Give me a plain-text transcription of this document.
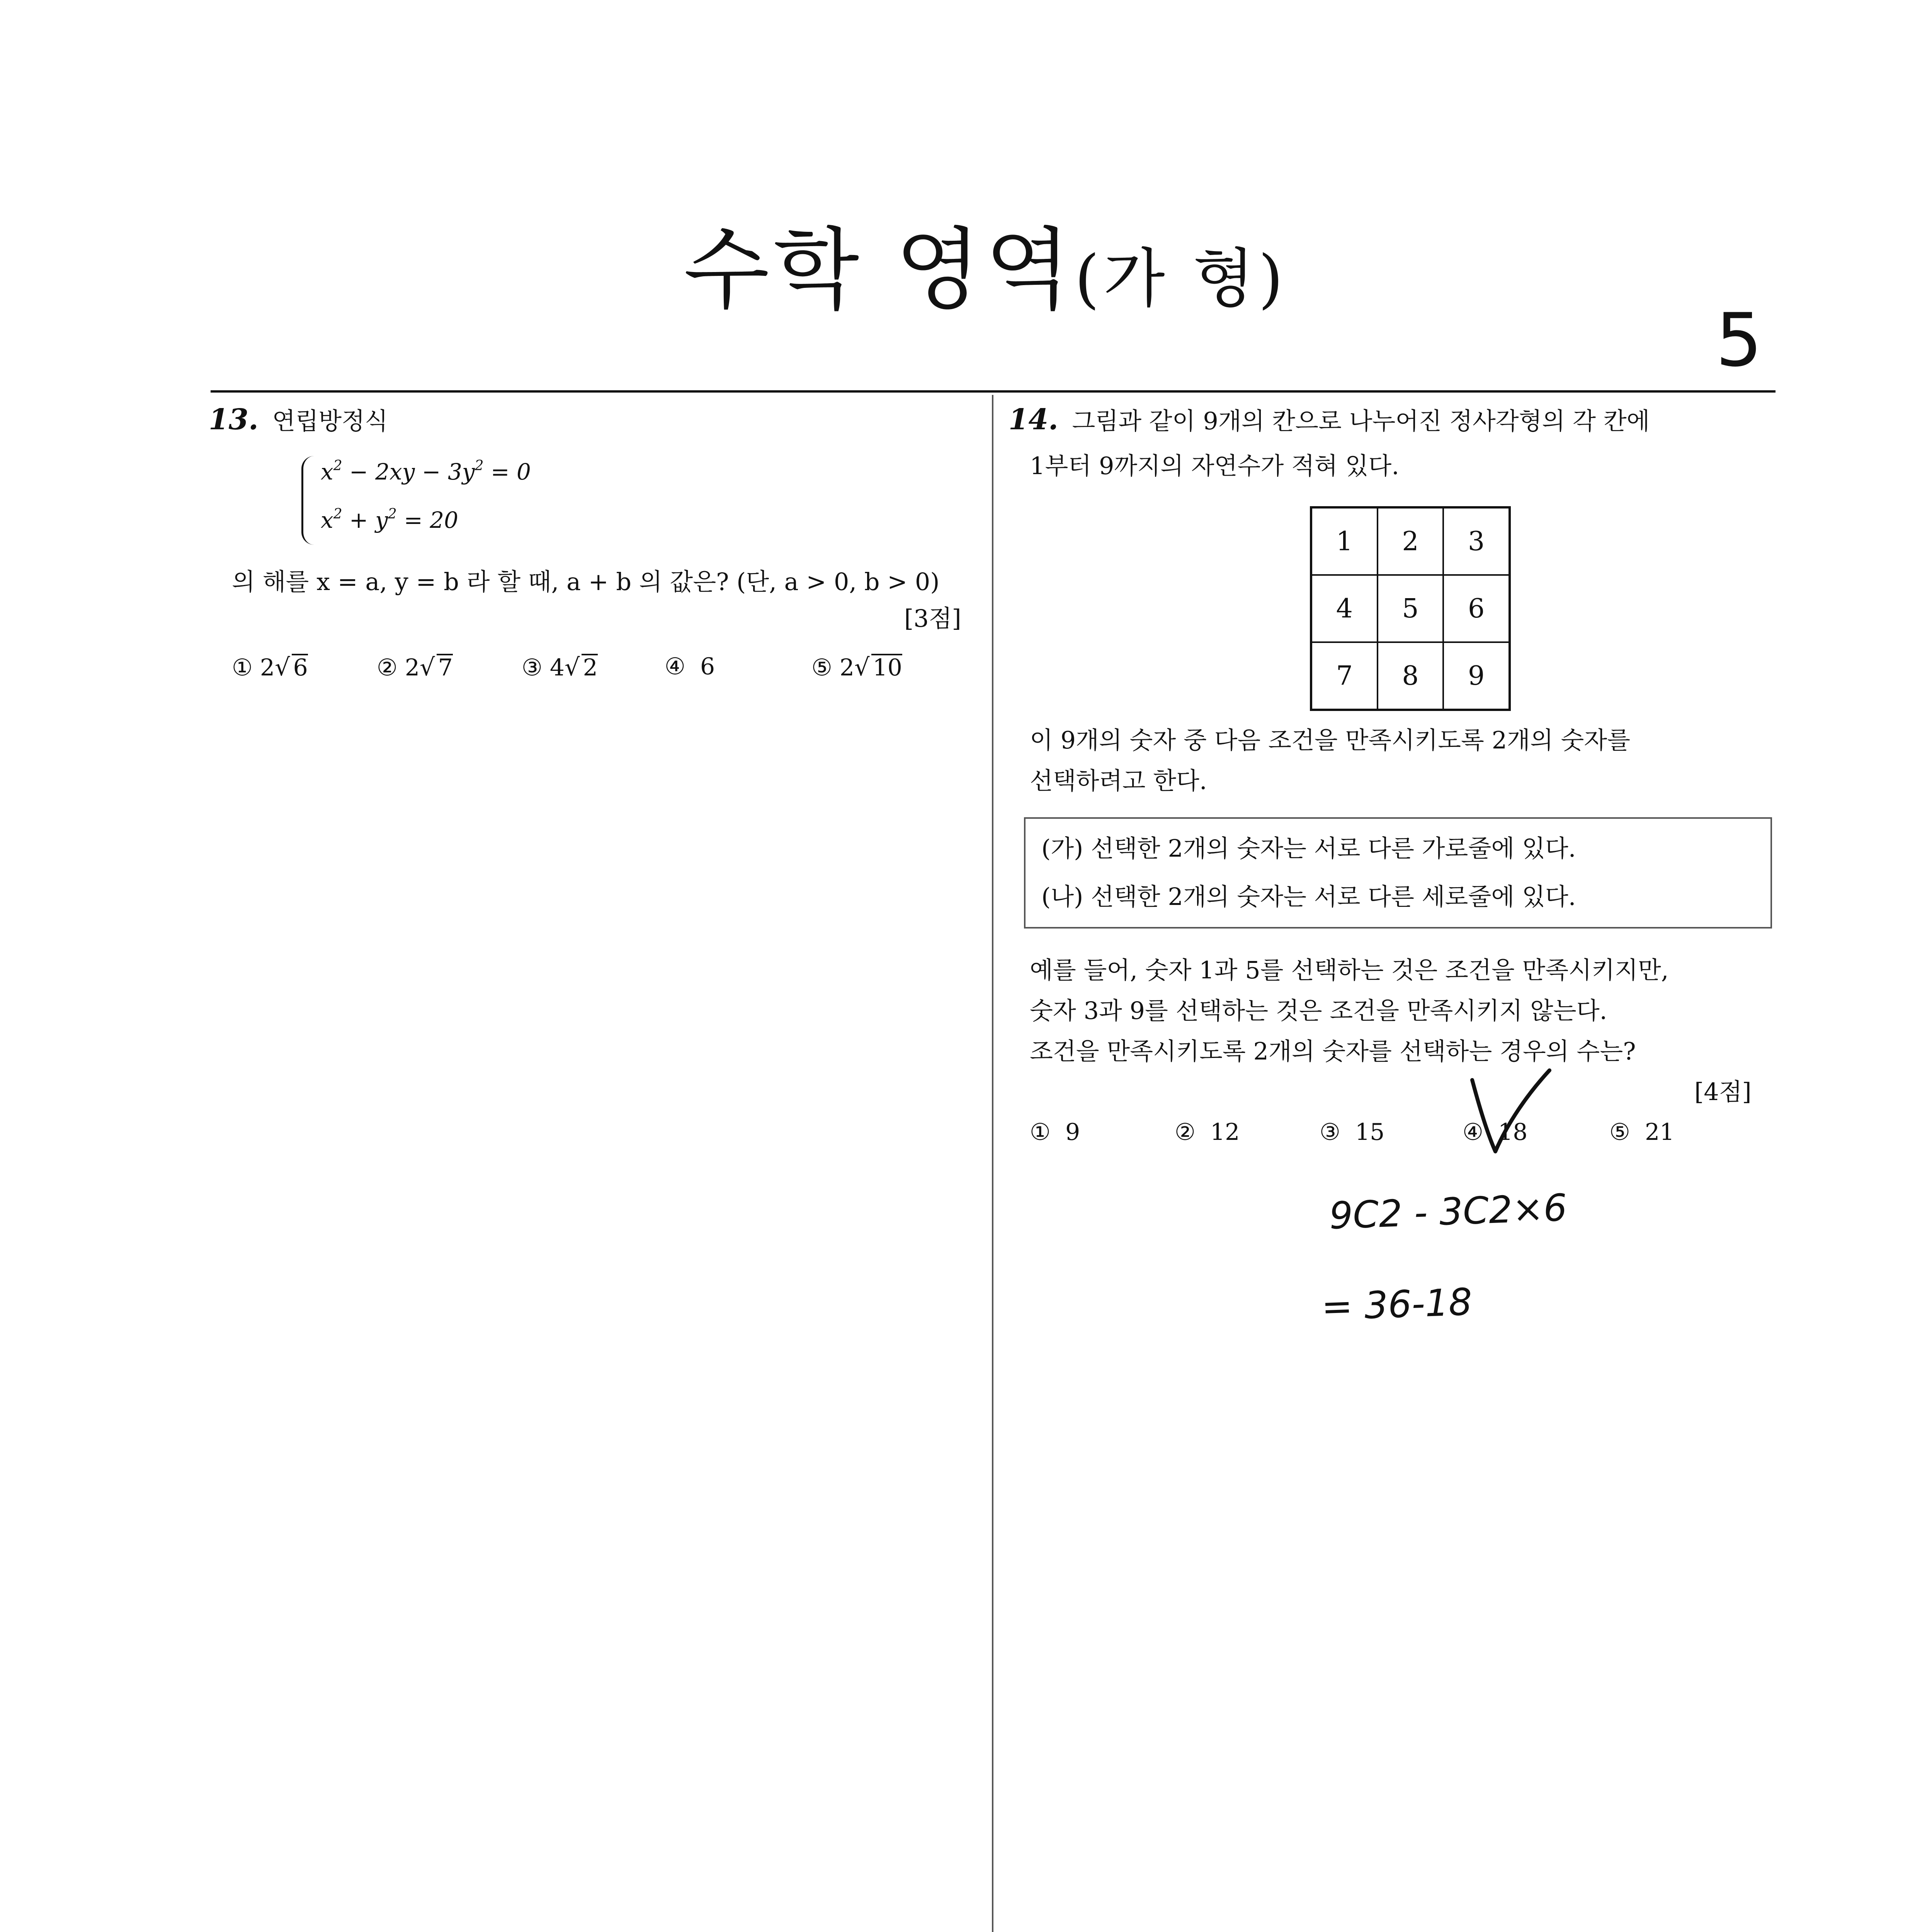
수학 영역(가 형)
5
13. 연립방정식
$x^2 - 2xy - 3y^2 = 0$
$x^2 + y^2 = 20$
의 해를 x = a, y = b 라 할 때, a + b 의 값은? (단, a > 0, b > 0)
[3점]
① 2√ 6	② 2√ 7	③ 4√ 2	④ 6	⑤ 2√ 10
14. 그림과 같이 9개의 칸으로 나누어진 정사각형의 각 칸에
1부터 9까지의 자연수가 적혀 있다.
1	2	3
4	5	6
7	8	9
이 9개의 숫자 중 다음 조건을 만족시키도록 2개의 숫자를
선택하려고 한다.
(가) 선택한 2개의 숫자는 서로 다른 가로줄에 있다.
(나) 선택한 2개의 숫자는 서로 다른 세로줄에 있다.
예를 들어, 숫자 1과 5를 선택하는 것은 조건을 만족시키지만,
숫자 3과 9를 선택하는 것은 조건을 만족시키지 않는다.
조건을 만족시키도록 2개의 숫자를 선택하는 경우의 수는?
[4점]
① 9	② 12	③ 15	④ 18	⑤ 21
9C2 - 3C2×6
= 36-18
